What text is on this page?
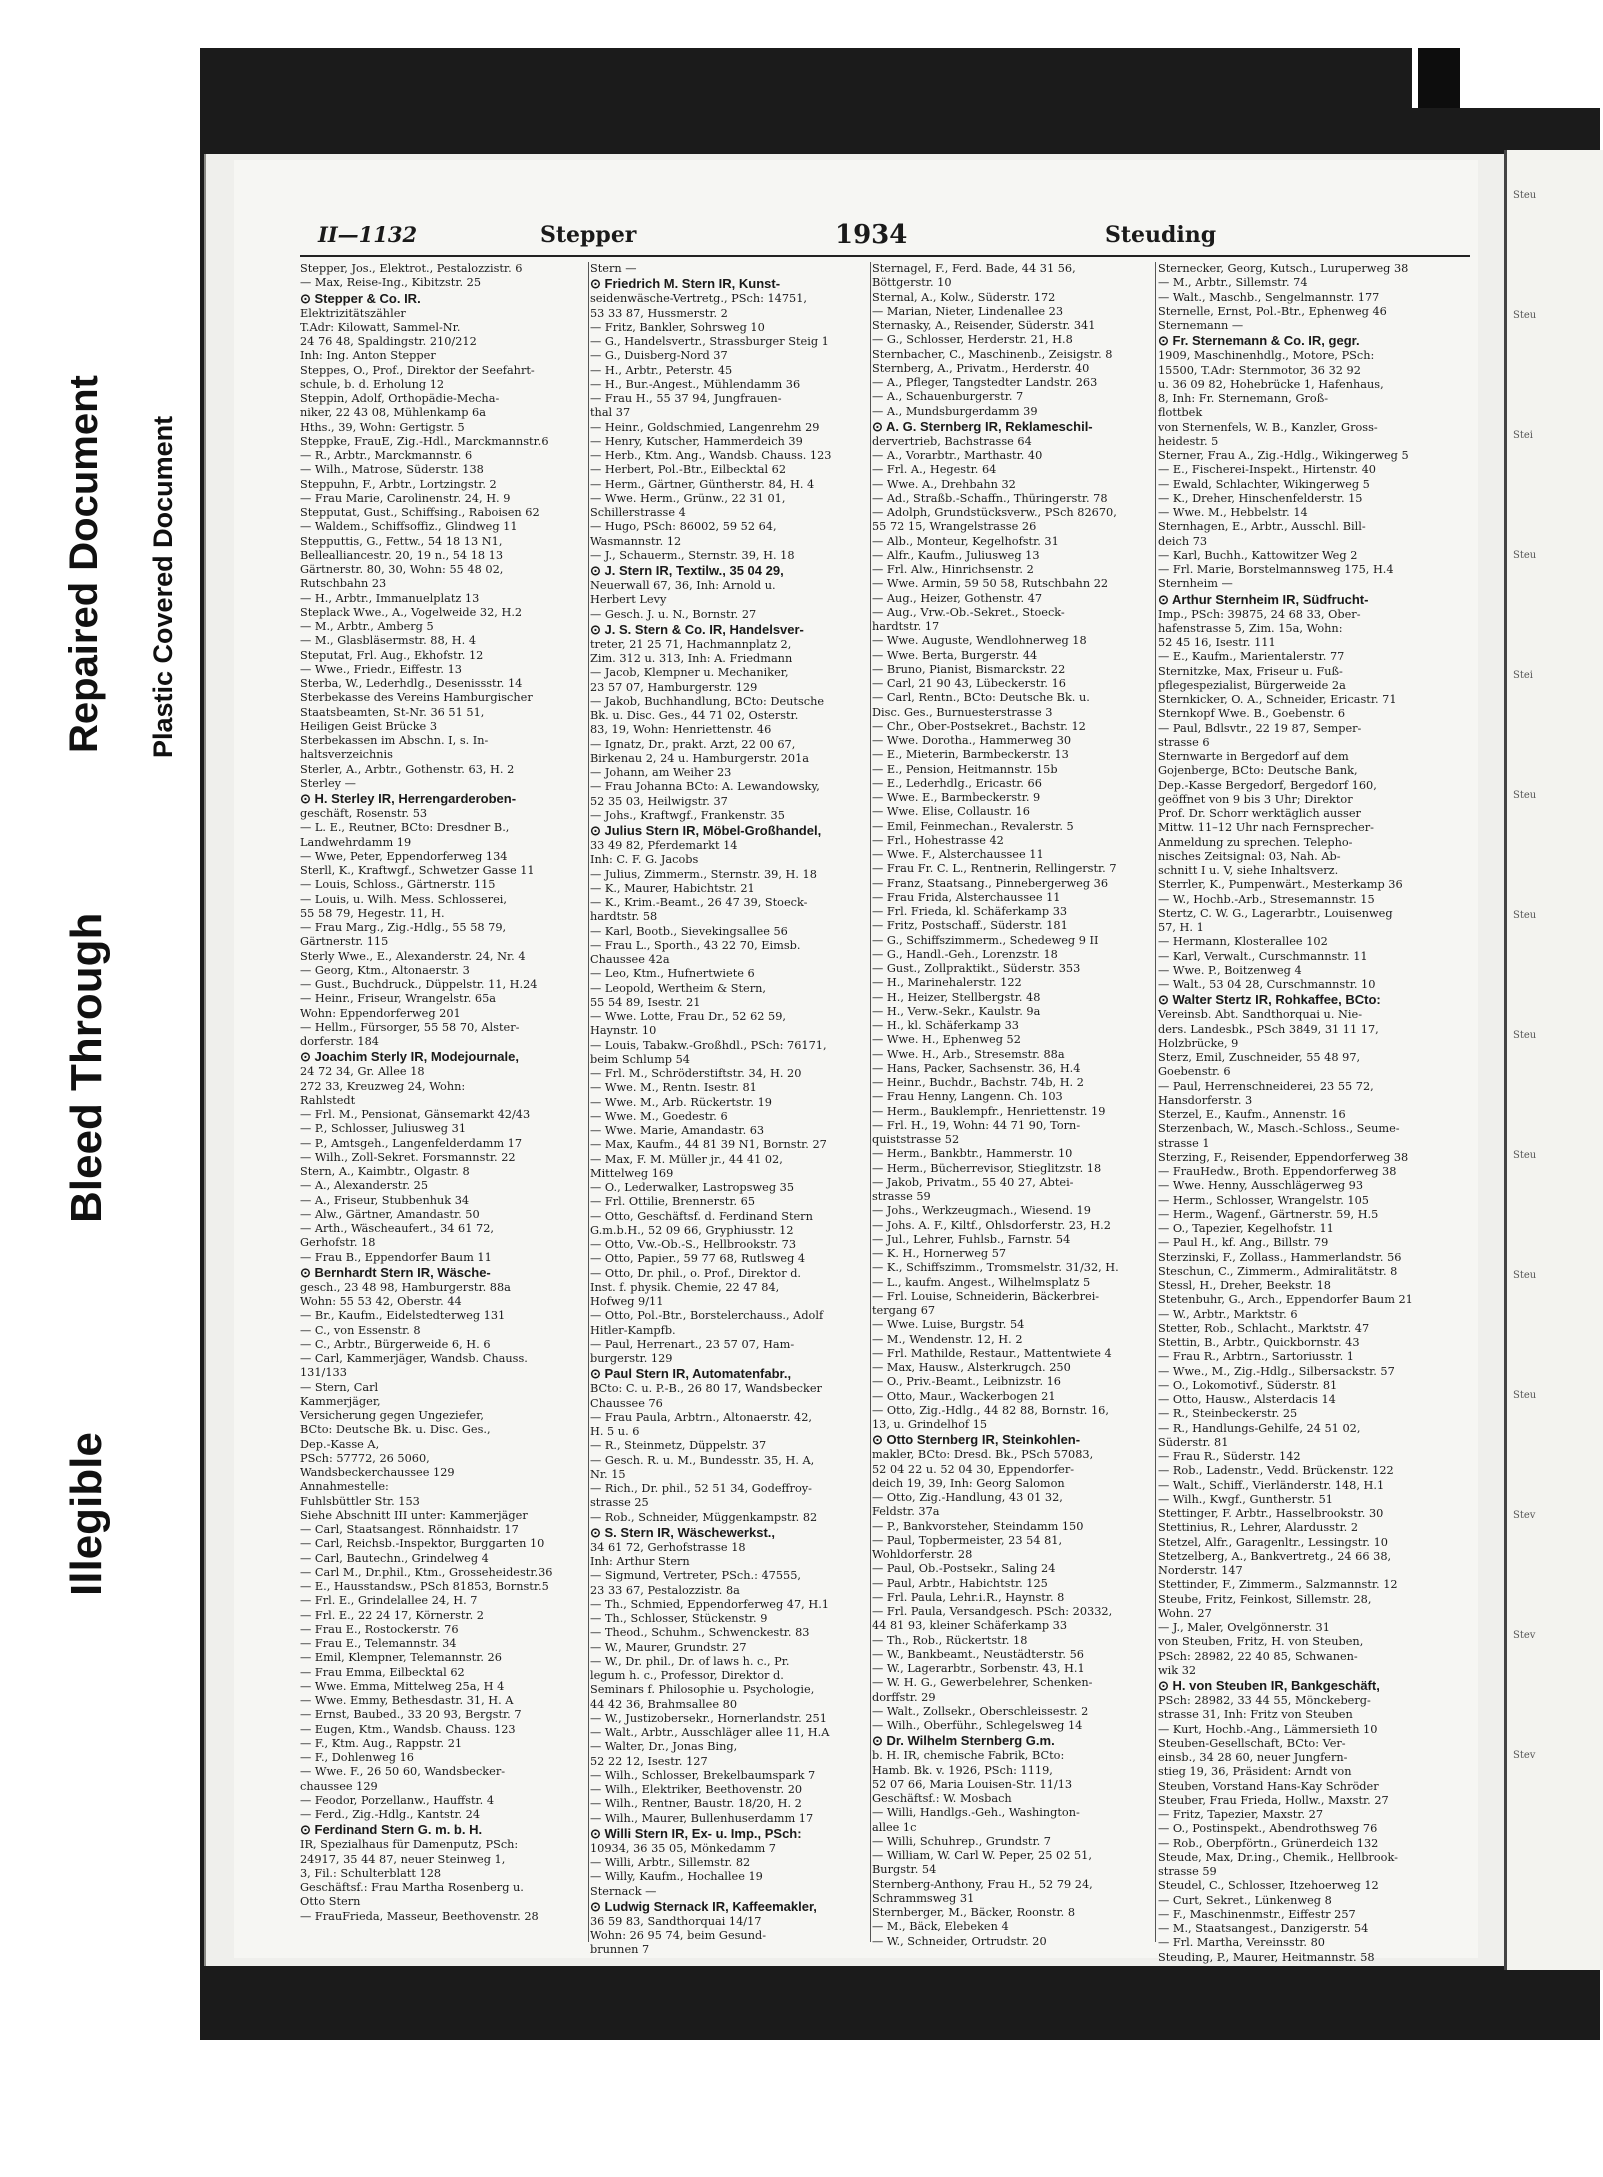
Illegible
Bleed Through
Repaired Document Plastic Covered Document
Steu
Steu
Stei
Steu
Stei
Steu
Steu
Steu
Steu
Steu
Steu
Stev
Stev
Stev
II—1132	Stepper	1934	Steuding

Stepper, Jos., Elektrot., Pestalozzistr. 6

— Max, Reise-Ing., Kibitzstr. 25

⊙ Stepper & Co. IR.

Elektrizitätszähler

T.Adr: Kilowatt, Sammel-Nr.

24 76 48, Spaldingstr. 210/212

Inh: Ing. Anton Stepper

Steppes, O., Prof., Direktor der Seefahrt-

schule, b. d. Erholung 12

Steppin, Adolf, Orthopädie-Mecha-

niker, 22 43 08, Mühlenkamp 6a

Hths., 39, Wohn: Gertigstr. 5

Steppke, FrauE, Zig.-Hdl., Marckmannstr.6

— R., Arbtr., Marckmannstr. 6

— Wilh., Matrose, Süderstr. 138

Steppuhn, F., Arbtr., Lortzingstr. 2

— Frau Marie, Carolinenstr. 24, H. 9

Stepputat, Gust., Schiffsing., Raboisen 62

— Waldem., Schiffsoffiz., Glindweg 11

Stepputtis, G., Fettw., 54 18 13 N1,

Bellealliancestr. 20, 19 n., 54 18 13

Gärtnerstr. 80, 30, Wohn: 55 48 02,

Rutschbahn 23

— H., Arbtr., Immanuelplatz 13

Steplack Wwe., A., Vogelweide 32, H.2

— M., Arbtr., Amberg 5

— M., Glasbläsermstr. 88, H. 4

Steputat, Frl. Aug., Ekhofstr. 12

— Wwe., Friedr., Eiffestr. 13

Sterba, W., Lederhdlg., Desenissstr. 14

Sterbekasse des Vereins Hamburgischer

Staatsbeamten, St-Nr. 36 51 51,

Heiligen Geist Brücke 3

Sterbekassen im Abschn. I, s. In-

haltsverzeichnis

Sterler, A., Arbtr., Gothenstr. 63, H. 2

Sterley —

⊙ H. Sterley IR, Herrengarderoben-

geschäft, Rosenstr. 53

— L. E., Reutner, BCto: Dresdner B.,

Landwehrdamm 19

— Wwe, Peter, Eppendorferweg 134

Sterll, K., Kraftwgf., Schwetzer Gasse 11

— Louis, Schloss., Gärtnerstr. 115

— Louis, u. Wilh. Mess. Schlosserei,

55 58 79, Hegestr. 11, H.

— Frau Marg., Zig.-Hdlg., 55 58 79,

Gärtnerstr. 115

Sterly Wwe., E., Alexanderstr. 24, Nr. 4

— Georg, Ktm., Altonaerstr. 3

— Gust., Buchdruck., Düppelstr. 11, H.24

— Heinr., Friseur, Wrangelstr. 65a

Wohn: Eppendorferweg 201

— Hellm., Fürsorger, 55 58 70, Alster-

dorferstr. 184

⊙ Joachim Sterly IR, Modejournale,

24 72 34, Gr. Allee 18

272 33, Kreuzweg 24, Wohn:

Rahlstedt

— Frl. M., Pensionat, Gänsemarkt 42/43

— P., Schlosser, Juliusweg 31

— P., Amtsgeh., Langenfelderdamm 17

— Wilh., Zoll-Sekret. Forsmannstr. 22

Stern, A., Kaimbtr., Olgastr. 8

— A., Alexanderstr. 25

— A., Friseur, Stubbenhuk 34

— Alw., Gärtner, Amandastr. 50

— Arth., Wäscheaufert., 34 61 72,

Gerhofstr. 18

— Frau B., Eppendorfer Baum 11

⊙ Bernhardt Stern IR, Wäsche-

gesch., 23 48 98, Hamburgerstr. 88a

Wohn: 55 53 42, Oberstr. 44

— Br., Kaufm., Eidelstedterweg 131

— C., von Essenstr. 8

— C., Arbtr., Bürgerweide 6, H. 6

— Carl, Kammerjäger, Wandsb. Chauss.

131/133

— Stern, Carl

Kammerjäger,

Versicherung gegen Ungeziefer,

BCto: Deutsche Bk. u. Disc. Ges.,

Dep.-Kasse A,

PSch: 57772, 26 5060,

Wandsbeckerchaussee 129

Annahmestelle:

Fuhlsbüttler Str. 153

Siehe Abschnitt III unter: Kammerjäger

— Carl, Staatsangest. Rönnhaidstr. 17

— Carl, Reichsb.-Inspektor, Burggarten 10

— Carl, Bautechn., Grindelweg 4

— Carl M., Dr.phil., Ktm., Grosseheidestr.36

— E., Hausstandsw., PSch 81853, Bornstr.5

— Frl. E., Grindelallee 24, H. 7

— Frl. E., 22 24 17, Körnerstr. 2

— Frau E., Rostockerstr. 76

— Frau E., Telemannstr. 34

— Emil, Klempner, Telemannstr. 26

— Frau Emma, Eilbecktal 62

— Wwe. Emma, Mittelweg 25a, H 4

— Wwe. Emmy, Bethesdastr. 31, H. A

— Ernst, Baubed., 33 20 93, Bergstr. 7

— Eugen, Ktm., Wandsb. Chauss. 123

— F., Ktm. Aug., Rappstr. 21

— F., Dohlenweg 16

— Wwe. F., 26 50 60, Wandsbecker-

chaussee 129

— Feodor, Porzellanw., Hauffstr. 4

— Ferd., Zig.-Hdlg., Kantstr. 24

⊙ Ferdinand Stern G. m. b. H.

IR, Spezialhaus für Damenputz, PSch:

24917, 35 44 87, neuer Steinweg 1,

3, Fil.: Schulterblatt 128

Geschäftsf.: Frau Martha Rosenberg u.

Otto Stern

— FrauFrieda, Masseur, Beethovenstr. 28

Stern —

⊙ Friedrich M. Stern IR, Kunst-

seidenwäsche-Vertretg., PSch: 14751,

53 33 87, Hussmerstr. 2

— Fritz, Bankler, Sohrsweg 10

— G., Handelsvertr., Strassburger Steig 1

— G., Duisberg-Nord 37

— H., Arbtr., Peterstr. 45

— H., Bur.-Angest., Mühlendamm 36

— Frau H., 55 37 94, Jungfrauen-

thal 37

— Heinr., Goldschmied, Langenrehm 29

— Henry, Kutscher, Hammerdeich 39

— Herb., Ktm. Ang., Wandsb. Chauss. 123

— Herbert, Pol.-Btr., Eilbecktal 62

— Herm., Gärtner, Güntherstr. 84, H. 4

— Wwe. Herm., Grünw., 22 31 01,

Schillerstrasse 4

— Hugo, PSch: 86002, 59 52 64,

Wasmannstr. 12

— J., Schauerm., Sternstr. 39, H. 18

⊙ J. Stern IR, Textilw., 35 04 29,

Neuerwall 67, 36, Inh: Arnold u.

Herbert Levy

— Gesch. J. u. N., Bornstr. 27

⊙ J. S. Stern & Co. IR, Handelsver-

treter, 21 25 71, Hachmannplatz 2,

Zim. 312 u. 313, Inh: A. Friedmann

— Jacob, Klempner u. Mechaniker,

23 57 07, Hamburgerstr. 129

— Jakob, Buchhandlung, BCto: Deutsche

Bk. u. Disc. Ges., 44 71 02, Osterstr.

83, 19, Wohn: Henriettenstr. 46

— Ignatz, Dr., prakt. Arzt, 22 00 67,

Birkenau 2, 24 u. Hamburgerstr. 201a

— Johann, am Weiher 23

— Frau Johanna BCto: A. Lewandowsky,

52 35 03, Heilwigstr. 37

— Johs., Kraftwgf., Frankenstr. 35

⊙ Julius Stern IR, Möbel-Großhandel,

33 49 82, Pferdemarkt 14

Inh: C. F. G. Jacobs

— Julius, Zimmerm., Sternstr. 39, H. 18

— K., Maurer, Habichtstr. 21

— K., Krim.-Beamt., 26 47 39, Stoeck-

hardtstr. 58

— Karl, Bootb., Sievekingsallee 56

— Frau L., Sporth., 43 22 70, Eimsb.

Chaussee 42a

— Leo, Ktm., Hufnertwiete 6

— Leopold, Wertheim & Stern,

55 54 89, Isestr. 21

— Wwe. Lotte, Frau Dr., 52 62 59,

Haynstr. 10

— Louis, Tabakw.-Großhdl., PSch: 76171,

beim Schlump 54

— Frl. M., Schröderstiftstr. 34, H. 20

— Wwe. M., Rentn. Isestr. 81

— Wwe. M., Arb. Rückertstr. 19

— Wwe. M., Goedestr. 6

— Wwe. Marie, Amandastr. 63

— Max, Kaufm., 44 81 39 N1, Bornstr. 27

— Max, F. M. Müller jr., 44 41 02,

Mittelweg 169

— O., Lederwalker, Lastropsweg 35

— Frl. Ottilie, Brennerstr. 65

— Otto, Geschäftsf. d. Ferdinand Stern

G.m.b.H., 52 09 66, Gryphiusstr. 12

— Otto, Vw.-Ob.-S., Hellbrookstr. 73

— Otto, Papier., 59 77 68, Rutlsweg 4

— Otto, Dr. phil., o. Prof., Direktor d.

Inst. f. physik. Chemie, 22 47 84,

Hofweg 9/11

— Otto, Pol.-Btr., Borstelerchauss., Adolf

Hitler-Kampfb.

— Paul, Herrenart., 23 57 07, Ham-

burgerstr. 129

⊙ Paul Stern IR, Automatenfabr.,

BCto: C. u. P.-B., 26 80 17, Wandsbecker

Chaussee 76

— Frau Paula, Arbtrn., Altonaerstr. 42,

H. 5 u. 6

— R., Steinmetz, Düppelstr. 37

— Gesch. R. u. M., Bundesstr. 35, H. A,

Nr. 15

— Rich., Dr. phil., 52 51 34, Godeffroy-

strasse 25

— Rob., Schneider, Müggenkampstr. 82

⊙ S. Stern IR, Wäschewerkst.,

34 61 72, Gerhofstrasse 18

Inh: Arthur Stern

— Sigmund, Vertreter, PSch.: 47555,

23 33 67, Pestalozzistr. 8a

— Th., Schmied, Eppendorferweg 47, H.1

— Th., Schlosser, Stückenstr. 9

— Theod., Schuhm., Schwenckestr. 83

— W., Maurer, Grundstr. 27

— W., Dr. phil., Dr. of laws h. c., Pr.

legum h. c., Professor, Direktor d.

Seminars f. Philosophie u. Psychologie,

44 42 36, Brahmsallee 80

— W., Justizobersekr., Hornerlandstr. 251

— Walt., Arbtr., Ausschläger allee 11, H.A

— Walter, Dr., Jonas Bing,

52 22 12, Isestr. 127

— Wilh., Schlosser, Brekelbaumspark 7

— Wilh., Elektriker, Beethovenstr. 20

— Wilh., Rentner, Baustr. 18/20, H. 2

— Wilh., Maurer, Bullenhuserdamm 17

⊙ Willi Stern IR, Ex- u. Imp., PSch:

10934, 36 35 05, Mönkedamm 7

— Willi, Arbtr., Sillemstr. 82

— Willy, Kaufm., Hochallee 19

Sternack —

⊙ Ludwig Sternack IR, Kaffeemakler,

36 59 83, Sandthorquai 14/17

Wohn: 26 95 74, beim Gesund-

brunnen 7

Sternagel, F., Ferd. Bade, 44 31 56,

Böttgerstr. 10

Sternal, A., Kolw., Süderstr. 172

— Marian, Nieter, Lindenallee 23

Sternasky, A., Reisender, Süderstr. 341

— G., Schlosser, Herderstr. 21, H.8

Sternbacher, C., Maschinenb., Zeisigstr. 8

Sternberg, A., Privatm., Herderstr. 40

— A., Pfleger, Tangstedter Landstr. 263

— A., Schauenburgerstr. 7

— A., Mundsburgerdamm 39

⊙ A. G. Sternberg IR, Reklameschil-

dervertrieb, Bachstrasse 64

— A., Vorarbtr., Marthastr. 40

— Frl. A., Hegestr. 64

— Wwe. A., Drehbahn 32

— Ad., Straßb.-Schaffn., Thüringerstr. 78

— Adolph, Grundstücksverw., PSch 82670,

55 72 15, Wrangelstrasse 26

— Alb., Monteur, Kegelhofstr. 31

— Alfr., Kaufm., Juliusweg 13

— Frl. Alw., Hinrichsenstr. 2

— Wwe. Armin, 59 50 58, Rutschbahn 22

— Aug., Heizer, Gothenstr. 47

— Aug., Vrw.-Ob.-Sekret., Stoeck-

hardtstr. 17

— Wwe. Auguste, Wendlohnerweg 18

— Wwe. Berta, Burgerstr. 44

— Bruno, Pianist, Bismarckstr. 22

— Carl, 21 90 43, Lübeckerstr. 16

— Carl, Rentn., BCto: Deutsche Bk. u.

Disc. Ges., Burnuesterstrasse 3

— Chr., Ober-Postsekret., Bachstr. 12

— Wwe. Dorotha., Hammerweg 30

— E., Mieterin, Barmbeckerstr. 13

— E., Pension, Heitmannstr. 15b

— E., Lederhdlg., Ericastr. 66

— Wwe. E., Barmbeckerstr. 9

— Wwe. Elise, Collaustr. 16

— Emil, Feinmechan., Revalerstr. 5

— Frl., Hohestrasse 42

— Wwe. F., Alsterchaussee 11

— Frau Fr. C. L., Rentnerin, Rellingerstr. 7

— Franz, Staatsang., Pinnebergerweg 36

— Frau Frida, Alsterchaussee 11

— Frl. Frieda, kl. Schäferkamp 33

— Fritz, Postschaff., Süderstr. 181

— G., Schiffszimmerm., Schedeweg 9 II

— G., Handl.-Geh., Lorenzstr. 18

— Gust., Zollpraktikt., Süderstr. 353

— H., Marinehalerstr. 122

— H., Heizer, Stellbergstr. 48

— H., Verw.-Sekr., Kaulstr. 9a

— H., kl. Schäferkamp 33

— Wwe. H., Ephenweg 52

— Wwe. H., Arb., Stresemstr. 88a

— Hans, Packer, Sachsenstr. 36, H.4

— Heinr., Buchdr., Bachstr. 74b, H. 2

— Frau Henny, Langenn. Ch. 103

— Herm., Bauklempfr., Henriettenstr. 19

— Frl. H., 19, Wohn: 44 71 90, Torn-

quiststrasse 52

— Herm., Bankbtr., Hammerstr. 10

— Herm., Bücherrevisor, Stieglitzstr. 18

— Jakob, Privatm., 55 40 27, Abtei-

strasse 59

— Johs., Werkzeugmach., Wiesend. 19

— Johs. A. F., Kiltf., Ohlsdorferstr. 23, H.2

— Jul., Lehrer, Fuhlsb., Farnstr. 54

— K. H., Hornerweg 57

— K., Schiffszimm., Tromsmelstr. 31/32, H.

— L., kaufm. Angest., Wilhelmsplatz 5

— Frl. Louise, Schneiderin, Bäckerbrei-

tergang 67

— Wwe. Luise, Burgstr. 54

— M., Wendenstr. 12, H. 2

— Frl. Mathilde, Restaur., Mattentwiete 4

— Max, Hausw., Alsterkrugch. 250

— O., Priv.-Beamt., Leibnizstr. 16

— Otto, Maur., Wackerbogen 21

— Otto, Zig.-Hdlg., 44 82 88, Bornstr. 16,

13, u. Grindelhof 15

⊙ Otto Sternberg IR, Steinkohlen-

makler, BCto: Dresd. Bk., PSch 57083,

52 04 22 u. 52 04 30, Eppendorfer-

deich 19, 39, Inh: Georg Salomon

— Otto, Zig.-Handlung, 43 01 32,

Feldstr. 37a

— P., Bankvorsteher, Steindamm 150

— Paul, Topbermeister, 23 54 81,

Wohldorferstr. 28

— Paul, Ob.-Postsekr., Saling 24

— Paul, Arbtr., Habichtstr. 125

— Frl. Paula, Lehr.i.R., Haynstr. 8

— Frl. Paula, Versandgesch. PSch: 20332,

44 81 93, kleiner Schäferkamp 33

— Th., Rob., Rückertstr. 18

— W., Bankbeamt., Neustädterstr. 56

— W., Lagerarbtr., Sorbenstr. 43, H.1

— W. H. G., Gewerbelehrer, Schenken-

dorffstr. 29

— Walt., Zollsekr., Oberschleissestr. 2

— Wilh., Oberführ., Schlegelsweg 14

⊙ Dr. Wilhelm Sternberg G.m.

b. H. IR, chemische Fabrik, BCto:

Hamb. Bk. v. 1926, PSch: 1119,

52 07 66, Maria Louisen-Str. 11/13

Geschäftsf.: W. Mosbach

— Willi, Handlgs.-Geh., Washington-

allee 1c

— Willi, Schuhrep., Grundstr. 7

— William, W. Carl W. Peper, 25 02 51,

Burgstr. 54

Sternberg-Anthony, Frau H., 52 79 24,

Schrammsweg 31

Sternberger, M., Bäcker, Roonstr. 8

— M., Bäck, Elebeken 4

— W., Schneider, Ortrudstr. 20

Sternecker, Georg, Kutsch., Luruperweg 38

— M., Arbtr., Sillemstr. 74

— Walt., Maschb., Sengelmannstr. 177

Sternelle, Ernst, Pol.-Btr., Ephenweg 46

Sternemann —

⊙ Fr. Sternemann & Co. IR, gegr.

1909, Maschinenhdlg., Motore, PSch:

15500, T.Adr: Sternmotor, 36 32 92

u. 36 09 82, Hohebrücke 1, Hafenhaus,

8, Inh: Fr. Sternemann, Groß-

flottbek

von Sternenfels, W. B., Kanzler, Gross-

heidestr. 5

Sterner, Frau A., Zig.-Hdlg., Wikingerweg 5

— E., Fischerei-Inspekt., Hirtenstr. 40

— Ewald, Schlachter, Wikingerweg 5

— K., Dreher, Hinschenfelderstr. 15

— Wwe. M., Hebbelstr. 14

Sternhagen, E., Arbtr., Ausschl. Bill-

deich 73

— Karl, Buchh., Kattowitzer Weg 2

— Frl. Marie, Borstelmannsweg 175, H.4

Sternheim —

⊙ Arthur Sternheim IR, Südfrucht-

Imp., PSch: 39875, 24 68 33, Ober-

hafenstrasse 5, Zim. 15a, Wohn:

52 45 16, Isestr. 111

— E., Kaufm., Marientalerstr. 77

Sternitzke, Max, Friseur u. Fuß-

pflegespezialist, Bürgerweide 2a

Sternkicker, O. A., Schneider, Ericastr. 71

Sternkopf Wwe. B., Goebenstr. 6

— Paul, Bdlsvtr., 22 19 87, Semper-

strasse 6

Sternwarte in Bergedorf auf dem

Gojenberge, BCto: Deutsche Bank,

Dep.-Kasse Bergedorf, Bergedorf 160,

geöffnet von 9 bis 3 Uhr; Direktor

Prof. Dr. Schorr werktäglich ausser

Mittw. 11–12 Uhr nach Fernsprecher-

Anmeldung zu sprechen. Telepho-

nisches Zeitsignal: 03, Nah. Ab-

schnitt I u. V, siehe Inhaltsverz.

Sterrler, K., Pumpenwärt., Mesterkamp 36

— W., Hochb.-Arb., Stresemannstr. 15

Stertz, C. W. G., Lagerarbtr., Louisenweg

57, H. 1

— Hermann, Klosterallee 102

— Karl, Verwalt., Curschmannstr. 11

— Wwe. P., Boitzenweg 4

— Walt., 53 04 28, Curschmannstr. 10

⊙ Walter Stertz IR, Rohkaffee, BCto:

Vereinsb. Abt. Sandthorquai u. Nie-

ders. Landesbk., PSch 3849, 31 11 17,

Holzbrücke, 9

Sterz, Emil, Zuschneider, 55 48 97,

Goebenstr. 6

— Paul, Herrenschneiderei, 23 55 72,

Hansdorferstr. 3

Sterzel, E., Kaufm., Annenstr. 16

Sterzenbach, W., Masch.-Schloss., Seume-

strasse 1

Sterzing, F., Reisender, Eppendorferweg 38

— FrauHedw., Broth. Eppendorferweg 38

— Wwe. Henny, Ausschlägerweg 93

— Herm., Schlosser, Wrangelstr. 105

— Herm., Wagenf., Gärtnerstr. 59, H.5

— O., Tapezier, Kegelhofstr. 11

— Paul H., kf. Ang., Billstr. 79

Sterzinski, F., Zollass., Hammerlandstr. 56

Steschun, C., Zimmerm., Admiralitätstr. 8

Stessl, H., Dreher, Beekstr. 18

Stetenbuhr, G., Arch., Eppendorfer Baum 21

— W., Arbtr., Marktstr. 6

Stetter, Rob., Schlacht., Marktstr. 47

Stettin, B., Arbtr., Quickbornstr. 43

— Frau R., Arbtrn., Sartoriusstr. 1

— Wwe., M., Zig.-Hdlg., Silbersackstr. 57

— O., Lokomotivf., Süderstr. 81

— Otto, Hausw., Alsterdacis 14

— R., Steinbeckerstr. 25

— R., Handlungs-Gehilfe, 24 51 02,

Süderstr. 81

— Frau R., Süderstr. 142

— Rob., Ladenstr., Vedd. Brückenstr. 122

— Walt., Schiff., Vierländerstr. 148, H.1

— Wilh., Kwgf., Guntherstr. 51

Stettinger, F. Arbtr., Hasselbrookstr. 30

Stettinius, R., Lehrer, Alardusstr. 2

Stetzel, Alfr., Garagenltr., Lessingstr. 10

Stetzelberg, A., Bankvertretg., 24 66 38,

Norderstr. 147

Stettinder, F., Zimmerm., Salzmannstr. 12

Steube, Fritz, Feinkost, Sillemstr. 28,

Wohn. 27

— J., Maler, Ovelgönnerstr. 31

von Steuben, Fritz, H. von Steuben,

PSch: 28982, 22 40 85, Schwanen-

wik 32

⊙ H. von Steuben IR, Bankgeschäft,

PSch: 28982, 33 44 55, Mönckeberg-

strasse 31, Inh: Fritz von Steuben

— Kurt, Hochb.-Ang., Lämmersieth 10

Steuben-Gesellschaft, BCto: Ver-

einsb., 34 28 60, neuer Jungfern-

stieg 19, 36, Präsident: Arndt von

Steuben, Vorstand Hans-Kay Schröder

Steuber, Frau Frieda, Hollw., Maxstr. 27

— Fritz, Tapezier, Maxstr. 27

— O., Postinspekt., Abendrothsweg 76

— Rob., Oberpförtn., Grünerdeich 132

Steude, Max, Dr.ing., Chemik., Hellbrook-

strasse 59

Steudel, C., Schlosser, Itzehoerweg 12

— Curt, Sekret., Lünkenweg 8

— F., Maschinenmstr., Eiffestr 257

— M., Staatsangest., Danzigerstr. 54

— Frl. Martha, Vereinsstr. 80

Steuding, P., Maurer, Heitmannstr. 58
